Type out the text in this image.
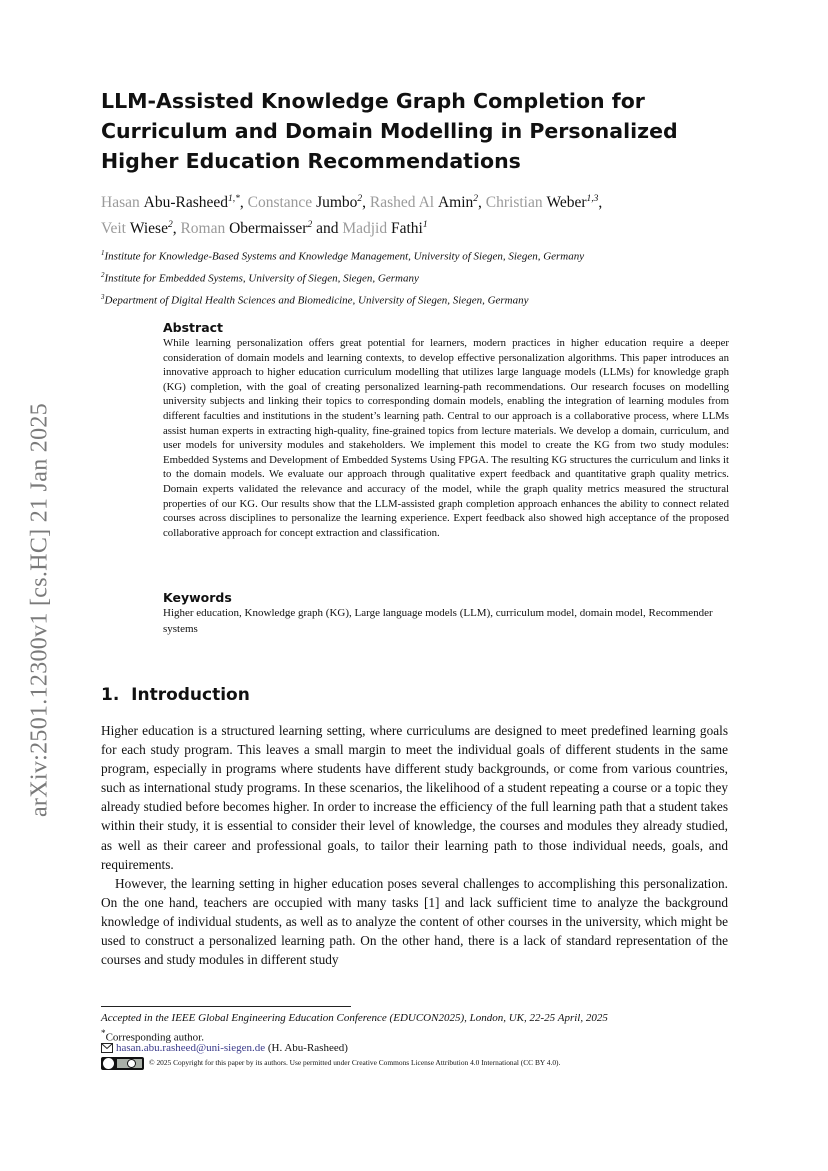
arXiv:2501.12300v1 [cs.HC] 21 Jan 2025
LLM-Assisted Knowledge Graph Completion for Curriculum and Domain Modelling in Personalized Higher Education Recommendations
Hasan Abu-Rasheed$^{1,*}$, Constance Jumbo$^2$, Rashed Al Amin$^2$, Christian Weber$^{1,3}$,
Veit Wiese$^2$, Roman Obermaisser$^2$ and Madjid Fathi$^1$
$^1$Institute for Knowledge-Based Systems and Knowledge Management, University of Siegen, Siegen, Germany
$^2$Institute for Embedded Systems, University of Siegen, Siegen, Germany
$^3$Department of Digital Health Sciences and Biomedicine, University of Siegen, Siegen, Germany
Abstract

While learning personalization offers great potential for learners, modern practices in higher education require a deeper consideration of domain models and learning contexts, to develop effective personalization algorithms. This paper introduces an innovative approach to higher education curriculum modelling that utilizes large language models (LLMs) for knowledge graph (KG) completion, with the goal of creating personalized learning-path recommendations. Our research focuses on modelling university subjects and linking their topics to corresponding domain models, enabling the integration of learning modules from different faculties and institutions in the student’s learning path. Central to our approach is a collaborative process, where LLMs assist human experts in extracting high-quality, fine-grained topics from lecture materials. We develop a domain, curriculum, and user models for university modules and stakeholders. We implement this model to create the KG from two study modules: Embedded Systems and Development of Embedded Systems Using FPGA. The resulting KG structures the curriculum and links it to the domain models. We evaluate our approach through qualitative expert feedback and quantitative graph quality metrics. Domain experts validated the relevance and accuracy of the model, while the graph quality metrics measured the structural properties of our KG. Our results show that the LLM-assisted graph completion approach enhances the ability to connect related courses across disciplines to personalize the learning experience. Expert feedback also showed high acceptance of the proposed collaborative approach for concept extraction and classification.

Keywords

Higher education, Knowledge graph (KG), Large language models (LLM), curriculum model, domain model, Recommender systems

1. Introduction

Higher education is a structured learning setting, where curriculums are designed to meet predefined learning goals for each study program. This leaves a small margin to meet the individual goals of different students in the same program, especially in programs where students have different study backgrounds, or come from various countries, such as international study programs. In these scenarios, the likelihood of a student repeating a course or a topic they already studied before becomes higher. In order to increase the efficiency of the full learning path that a student takes within their study, it is essential to consider their level of knowledge, the courses and modules they already studied, as well as their career and professional goals, to tailor their learning path to those individual needs, goals, and requirements.

However, the learning setting in higher education poses several challenges to accomplishing this personalization. On the one hand, teachers are occupied with many tasks [1] and lack sufficient time to analyze the background knowledge of individual students, as well as to analyze the content of other courses in the university, which might be used to construct a personalized learning path. On the other hand, there is a lack of standard representation of the courses and study modules in different study

Accepted in the IEEE Global Engineering Education Conference (EDUCON2025), London, UK, 22-25 April, 2025
*Corresponding author.
hasan.abu.rasheed@uni-siegen.de (H. Abu-Rasheed)
© 2025 Copyright for this paper by its authors. Use permitted under Creative Commons License Attribution 4.0 International (CC BY 4.0).
